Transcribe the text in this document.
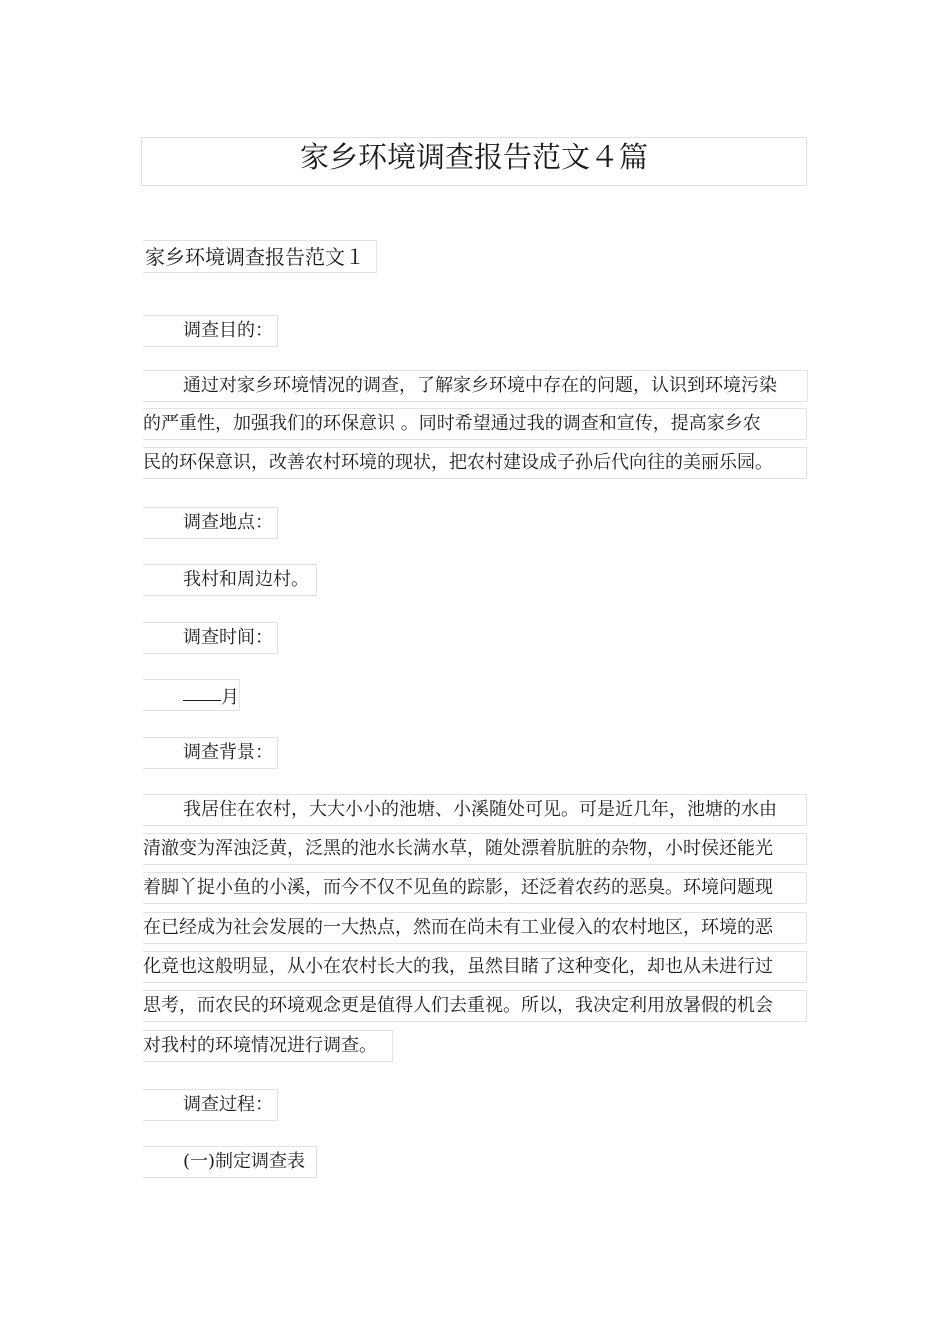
家乡环境调查报告范文４篇
家乡环境调查报告范文１
调查目的：
通过对家乡环境情况的调查，了解家乡环境中存在的问题，认识到环境污染
的严重性，加强我们的环保意识 。同时希望通过我的调查和宣传，提高家乡农
民的环保意识，改善农村环境的现状，把农村建设成子孙后代向往的美丽乐园。
调查地点：
我村和周边村。
调查时间：
月
调查背景：
我居住在农村，大大小小的池塘、小溪随处可见。可是近几年，池塘的水由
清澈变为浑浊泛黄，泛黑的池水长满水草，随处漂着肮脏的杂物，小时侯还能光
着脚丫捉小鱼的小溪，而今不仅不见鱼的踪影，还泛着农药的恶臭。环境问题现
在已经成为社会发展的一大热点，然而在尚未有工业侵入的农村地区，环境的恶
化竟也这般明显，从小在农村长大的我，虽然目睹了这种变化，却也从未进行过
思考，而农民的环境观念更是值得人们去重视。所以，我决定利用放暑假的机会
对我村的环境情况进行调查。
调查过程：
(一)制定调查表
